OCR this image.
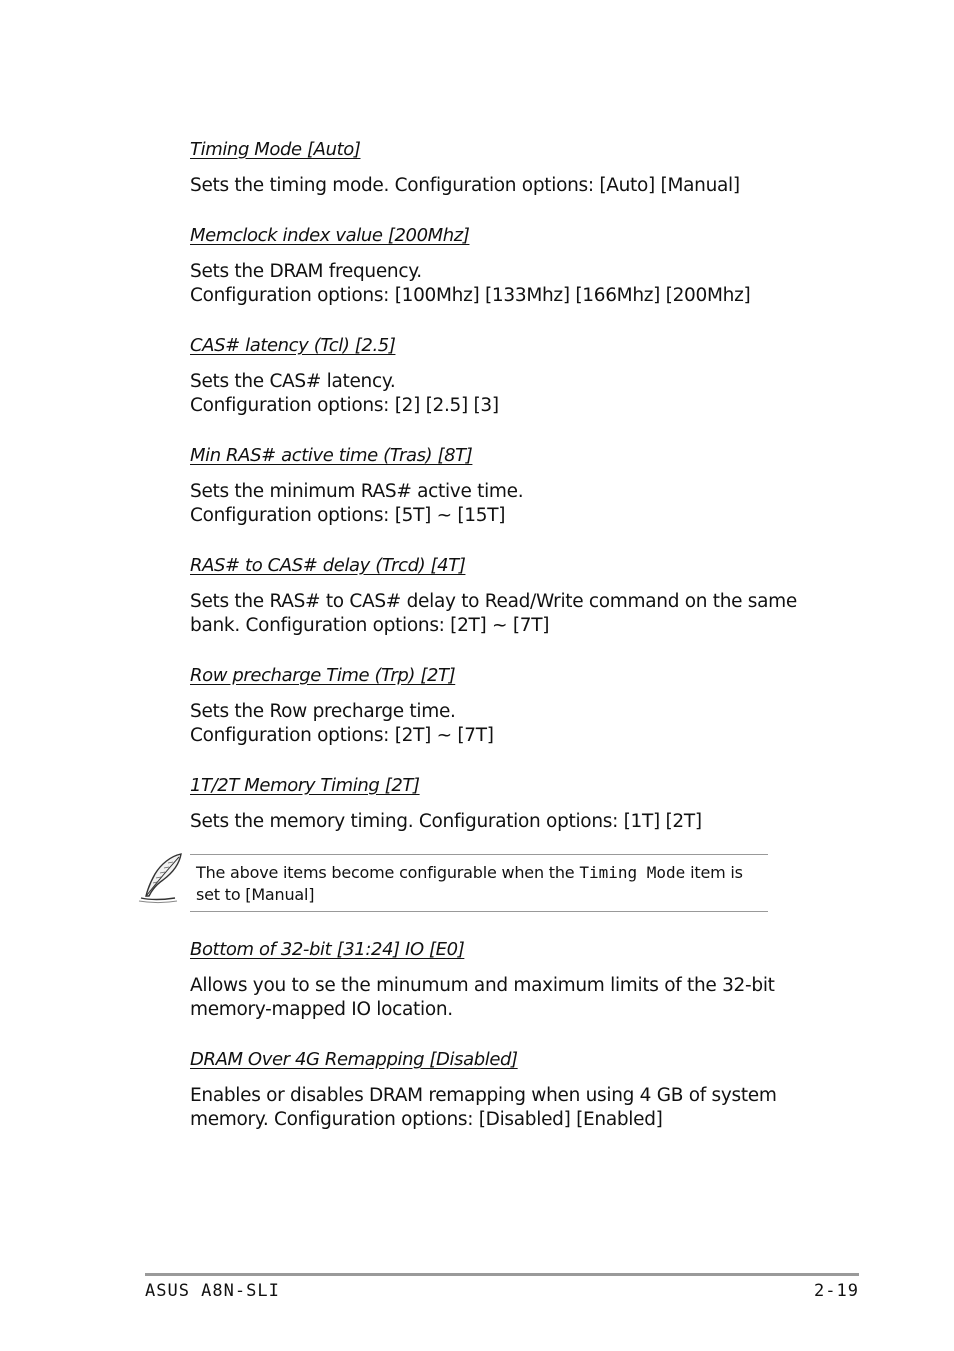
Timing Mode [Auto]

Sets the timing mode. Configuration options: [Auto] [Manual]

Memclock index value [200Mhz]

Sets the DRAM frequency.
Configuration options: [100Mhz] [133Mhz] [166Mhz] [200Mhz]

CAS# latency (Tcl) [2.5]

Sets the CAS# latency.
Configuration options: [2] [2.5] [3]

Min RAS# active time (Tras) [8T]

Sets the minimum RAS# active time.
Configuration options: [5T] ~ [15T]

RAS# to CAS# delay (Trcd) [4T]

Sets the RAS# to CAS# delay to Read/Write command on the same
bank. Configuration options: [2T] ~ [7T]

Row precharge Time (Trp) [2T]

Sets the Row precharge time.
Configuration options: [2T] ~ [7T]

1T/2T Memory Timing [2T]

Sets the memory timing. Configuration options: [1T] [2T]

The above items become configurable when the Timing Mode item is
set to [Manual]

Bottom of 32-bit [31:24] IO [E0]

Allows you to se the minumum and maximum limits of the 32-bit
memory-mapped IO location.

DRAM Over 4G Remapping [Disabled]

Enables or disables DRAM remapping when using 4 GB of system
memory. Configuration options: [Disabled] [Enabled]

ASUS A8N-SLI	2-19
